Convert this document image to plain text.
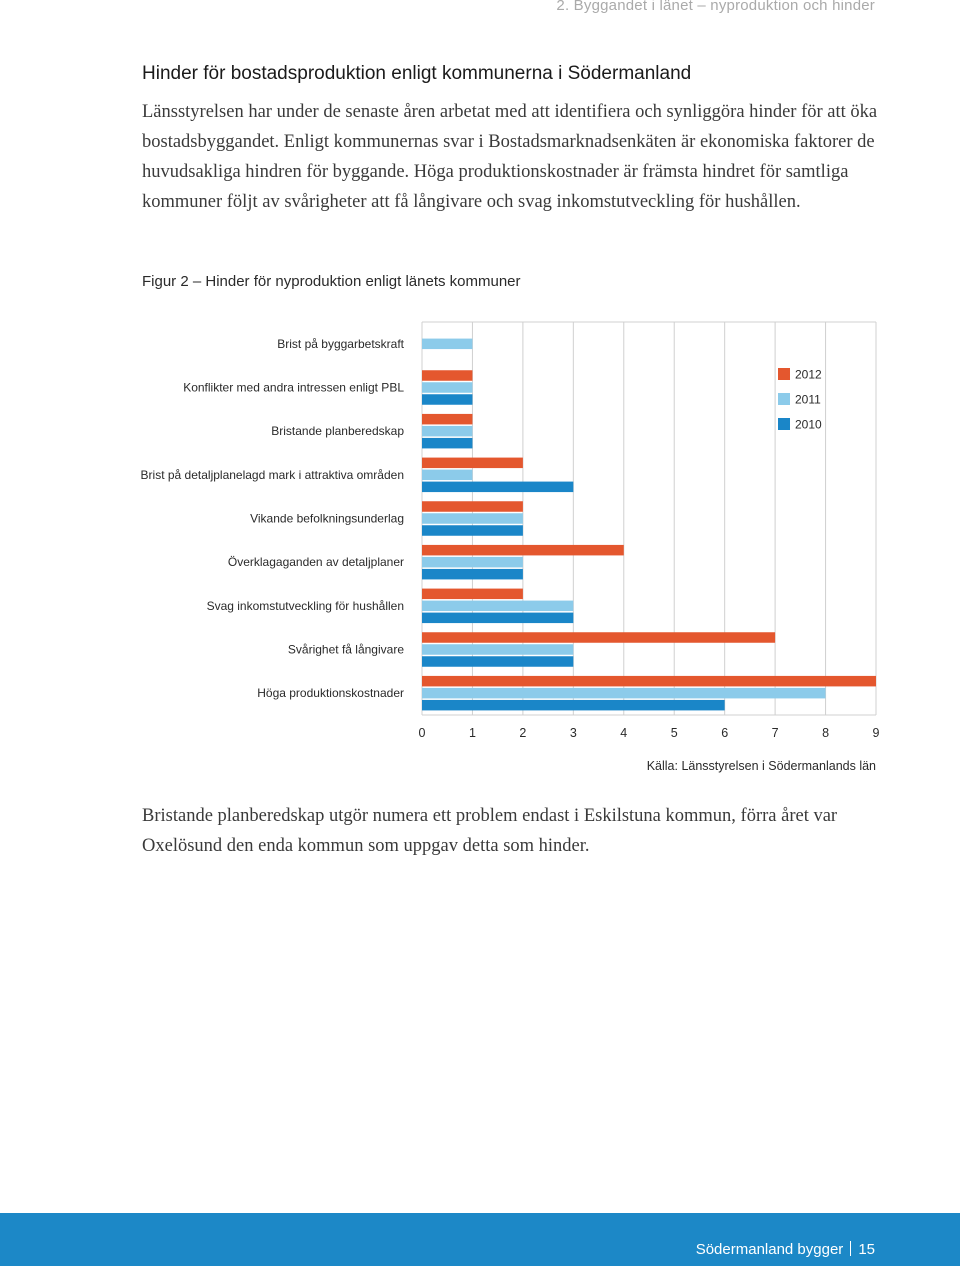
2. Byggandet i länet – nyproduktion och hinder
Hinder för bostadsproduktion enligt kommunerna i Södermanland

Länsstyrelsen har under de senaste åren arbetat med att identifiera och synliggöra hinder för att öka bostadsbyggandet. Enligt kommunernas svar i Bostadsmarknadsenkäten är ekonomiska faktorer de huvudsakliga hindren för byggande. Höga produktionskostnader är främsta hindret för samtliga kommuner följt av svårigheter att få långivare och svag inkomstutveckling för hushållen.

Figur 2 – Hinder för nyproduktion enligt länets kommuner
Brist på byggarbetskraft
Konflikter med andra intressen enligt PBL
Bristande planberedskap
Brist på detaljplanelagd mark i attraktiva områden
Vikande befolkningsunderlag
Överklagaganden av detaljplaner
Svag inkomstutveckling för hushållen
Svårighet få långivare
Höga produktionskostnader
0	1	2	3	4	5	6	7	8	9
2012
2011
2010
Källa: Länsstyrelsen i Södermanlands län

Bristande planberedskap utgör numera ett problem endast i Eskilstuna kommun, förra året var Oxelösund den enda kommun som uppgav detta som hinder.

Södermanland bygger 15
